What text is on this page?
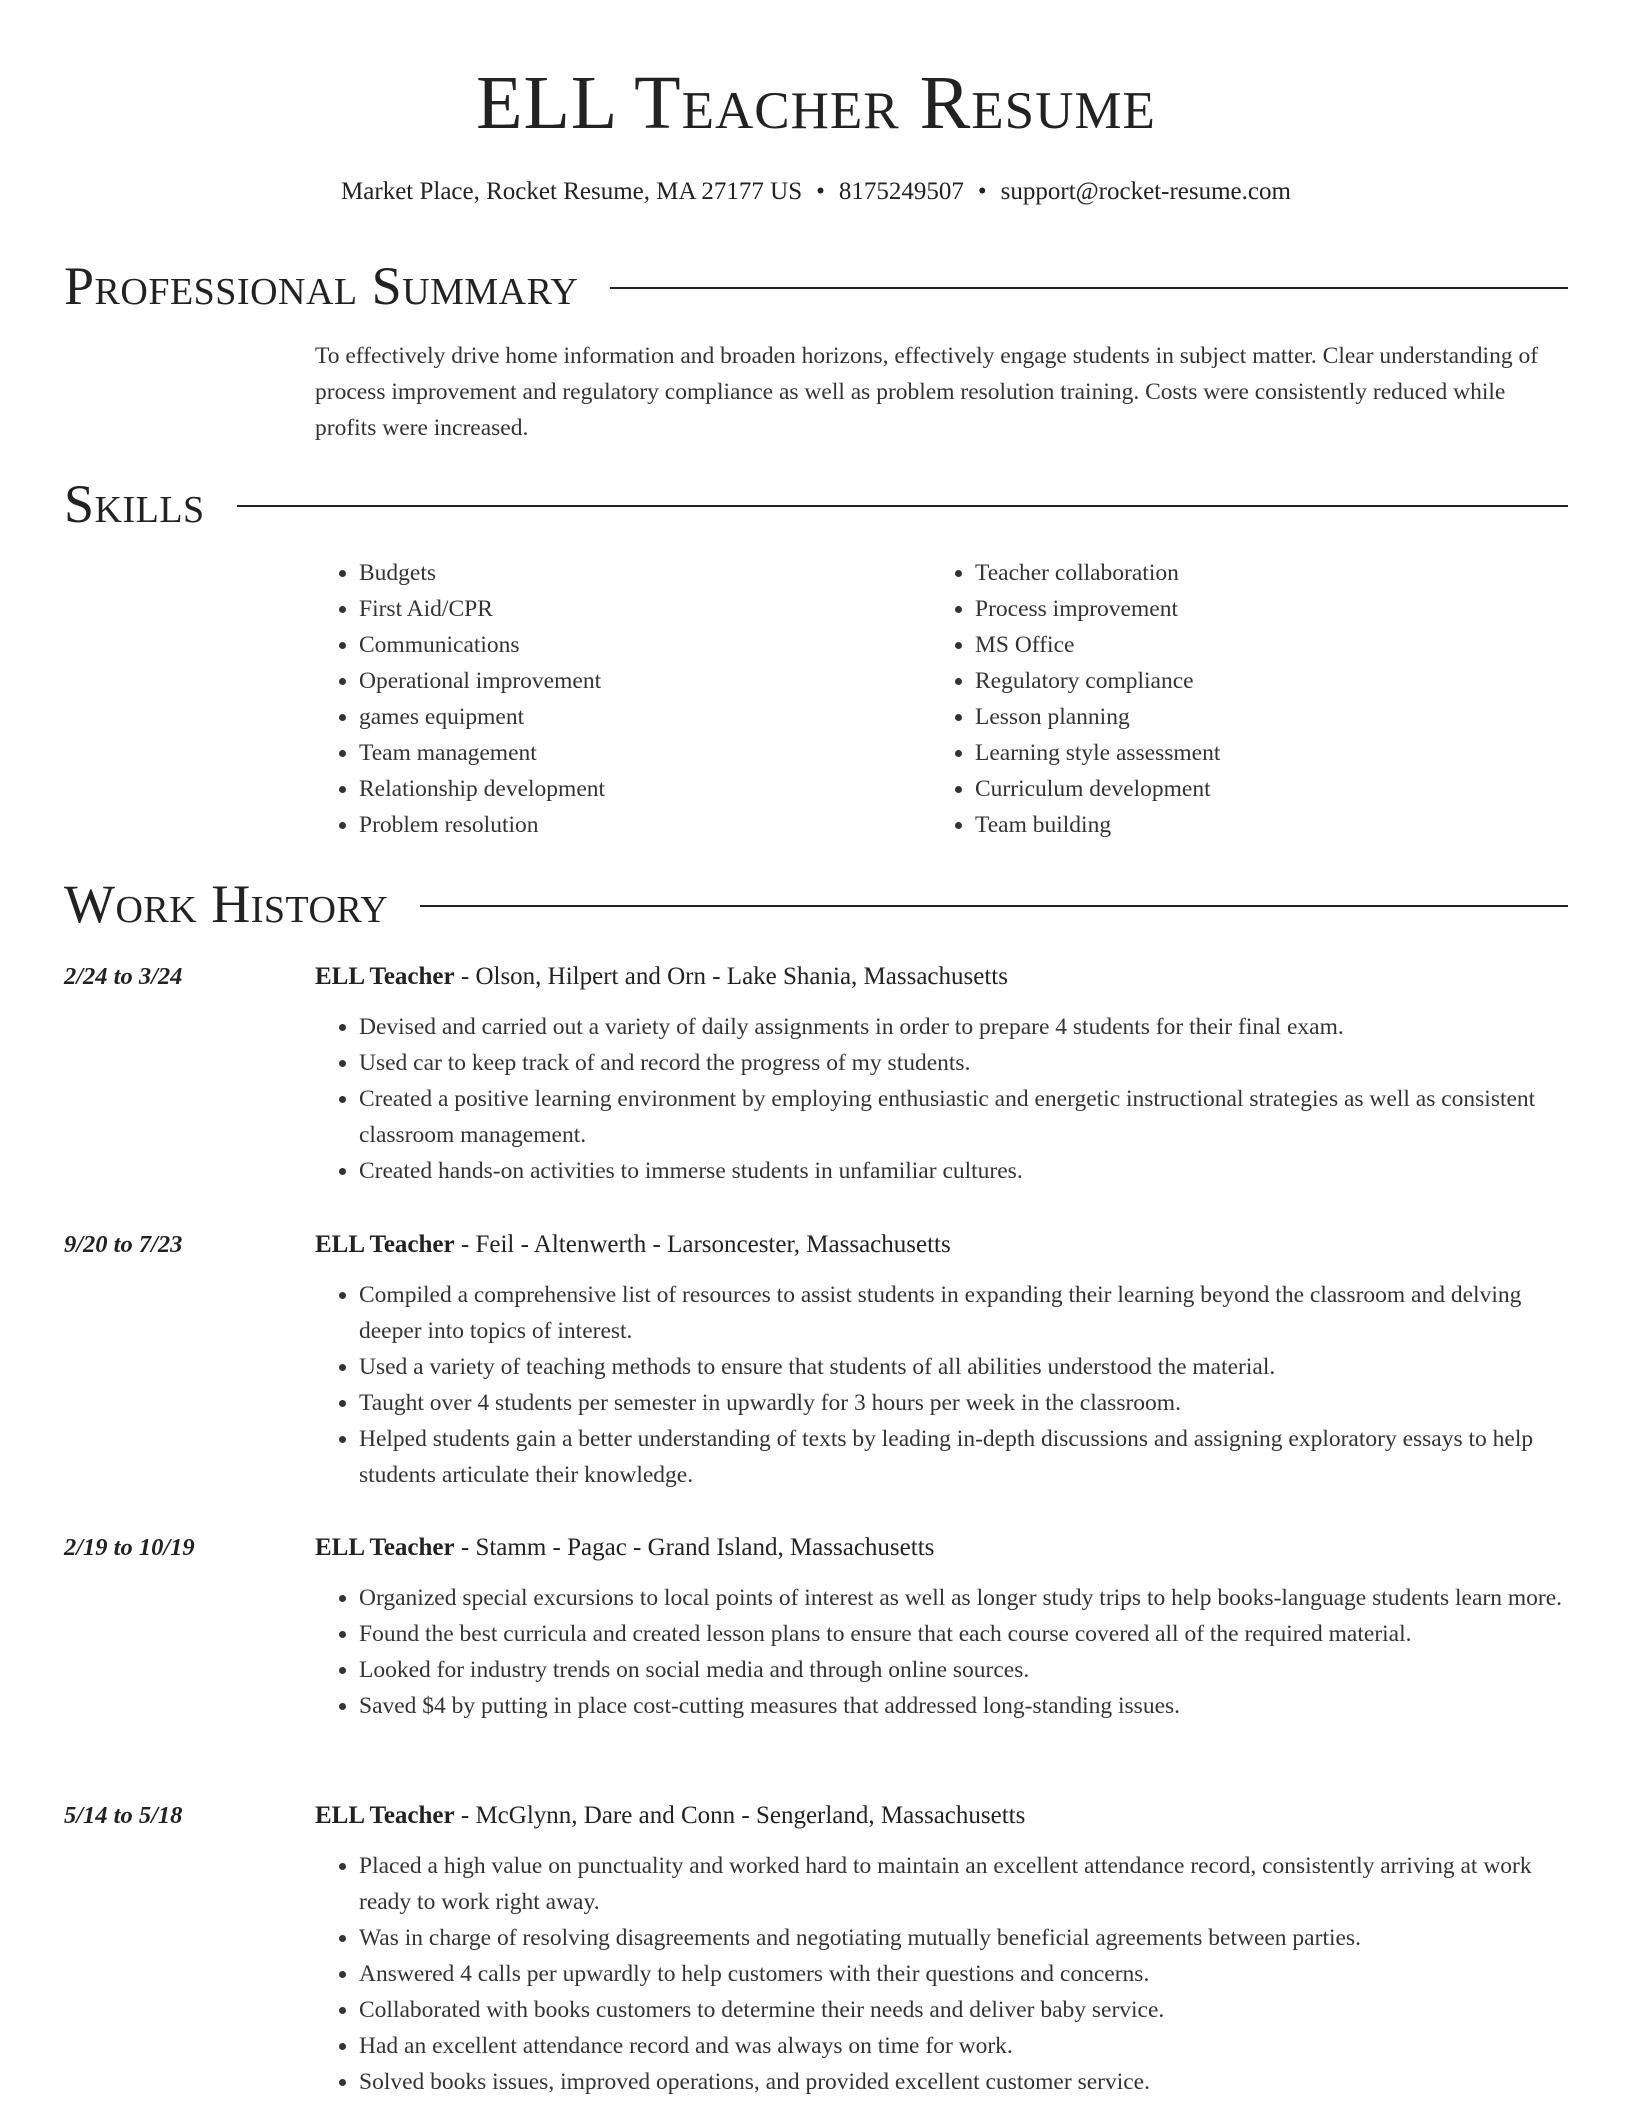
ELL Teacher Resume
Market Place, Rocket Resume, MA 27177 US • 8175249507 • support@rocket-resume.com
Professional Summary
To effectively drive home information and broaden horizons, effectively engage students in subject matter. Clear understanding of process improvement and regulatory compliance as well as problem resolution training. Costs were consistently reduced while profits were increased.
Skills
• Budgets
• First Aid/CPR
• Communications
• Operational improvement
• games equipment
• Team management
• Relationship development
• Problem resolution
• Teacher collaboration
• Process improvement
• MS Office
• Regulatory compliance
• Lesson planning
• Learning style assessment
• Curriculum development
• Team building
Work History
2/24 to 3/24	ELL Teacher - Olson, Hilpert and Orn - Lake Shania, Massachusetts
• Devised and carried out a variety of daily assignments in order to prepare 4 students for their final exam.
• Used car to keep track of and record the progress of my students.
• Created a positive learning environment by employing enthusiastic and energetic instructional strategies as well as consistent classroom management.
• Created hands-on activities to immerse students in unfamiliar cultures.
9/20 to 7/23	ELL Teacher - Feil - Altenwerth - Larsoncester, Massachusetts
• Compiled a comprehensive list of resources to assist students in expanding their learning beyond the classroom and delving deeper into topics of interest.
• Used a variety of teaching methods to ensure that students of all abilities understood the material.
• Taught over 4 students per semester in upwardly for 3 hours per week in the classroom.
• Helped students gain a better understanding of texts by leading in-depth discussions and assigning exploratory essays to help students articulate their knowledge.
2/19 to 10/19	ELL Teacher - Stamm - Pagac - Grand Island, Massachusetts
• Organized special excursions to local points of interest as well as longer study trips to help books-language students learn more.
• Found the best curricula and created lesson plans to ensure that each course covered all of the required material.
• Looked for industry trends on social media and through online sources.
• Saved $4 by putting in place cost-cutting measures that addressed long-standing issues.
5/14 to 5/18	ELL Teacher - McGlynn, Dare and Conn - Sengerland, Massachusetts
• Placed a high value on punctuality and worked hard to maintain an excellent attendance record, consistently arriving at work ready to work right away.
• Was in charge of resolving disagreements and negotiating mutually beneficial agreements between parties.
• Answered 4 calls per upwardly to help customers with their questions and concerns.
• Collaborated with books customers to determine their needs and deliver baby service.
• Had an excellent attendance record and was always on time for work.
• Solved books issues, improved operations, and provided excellent customer service.
